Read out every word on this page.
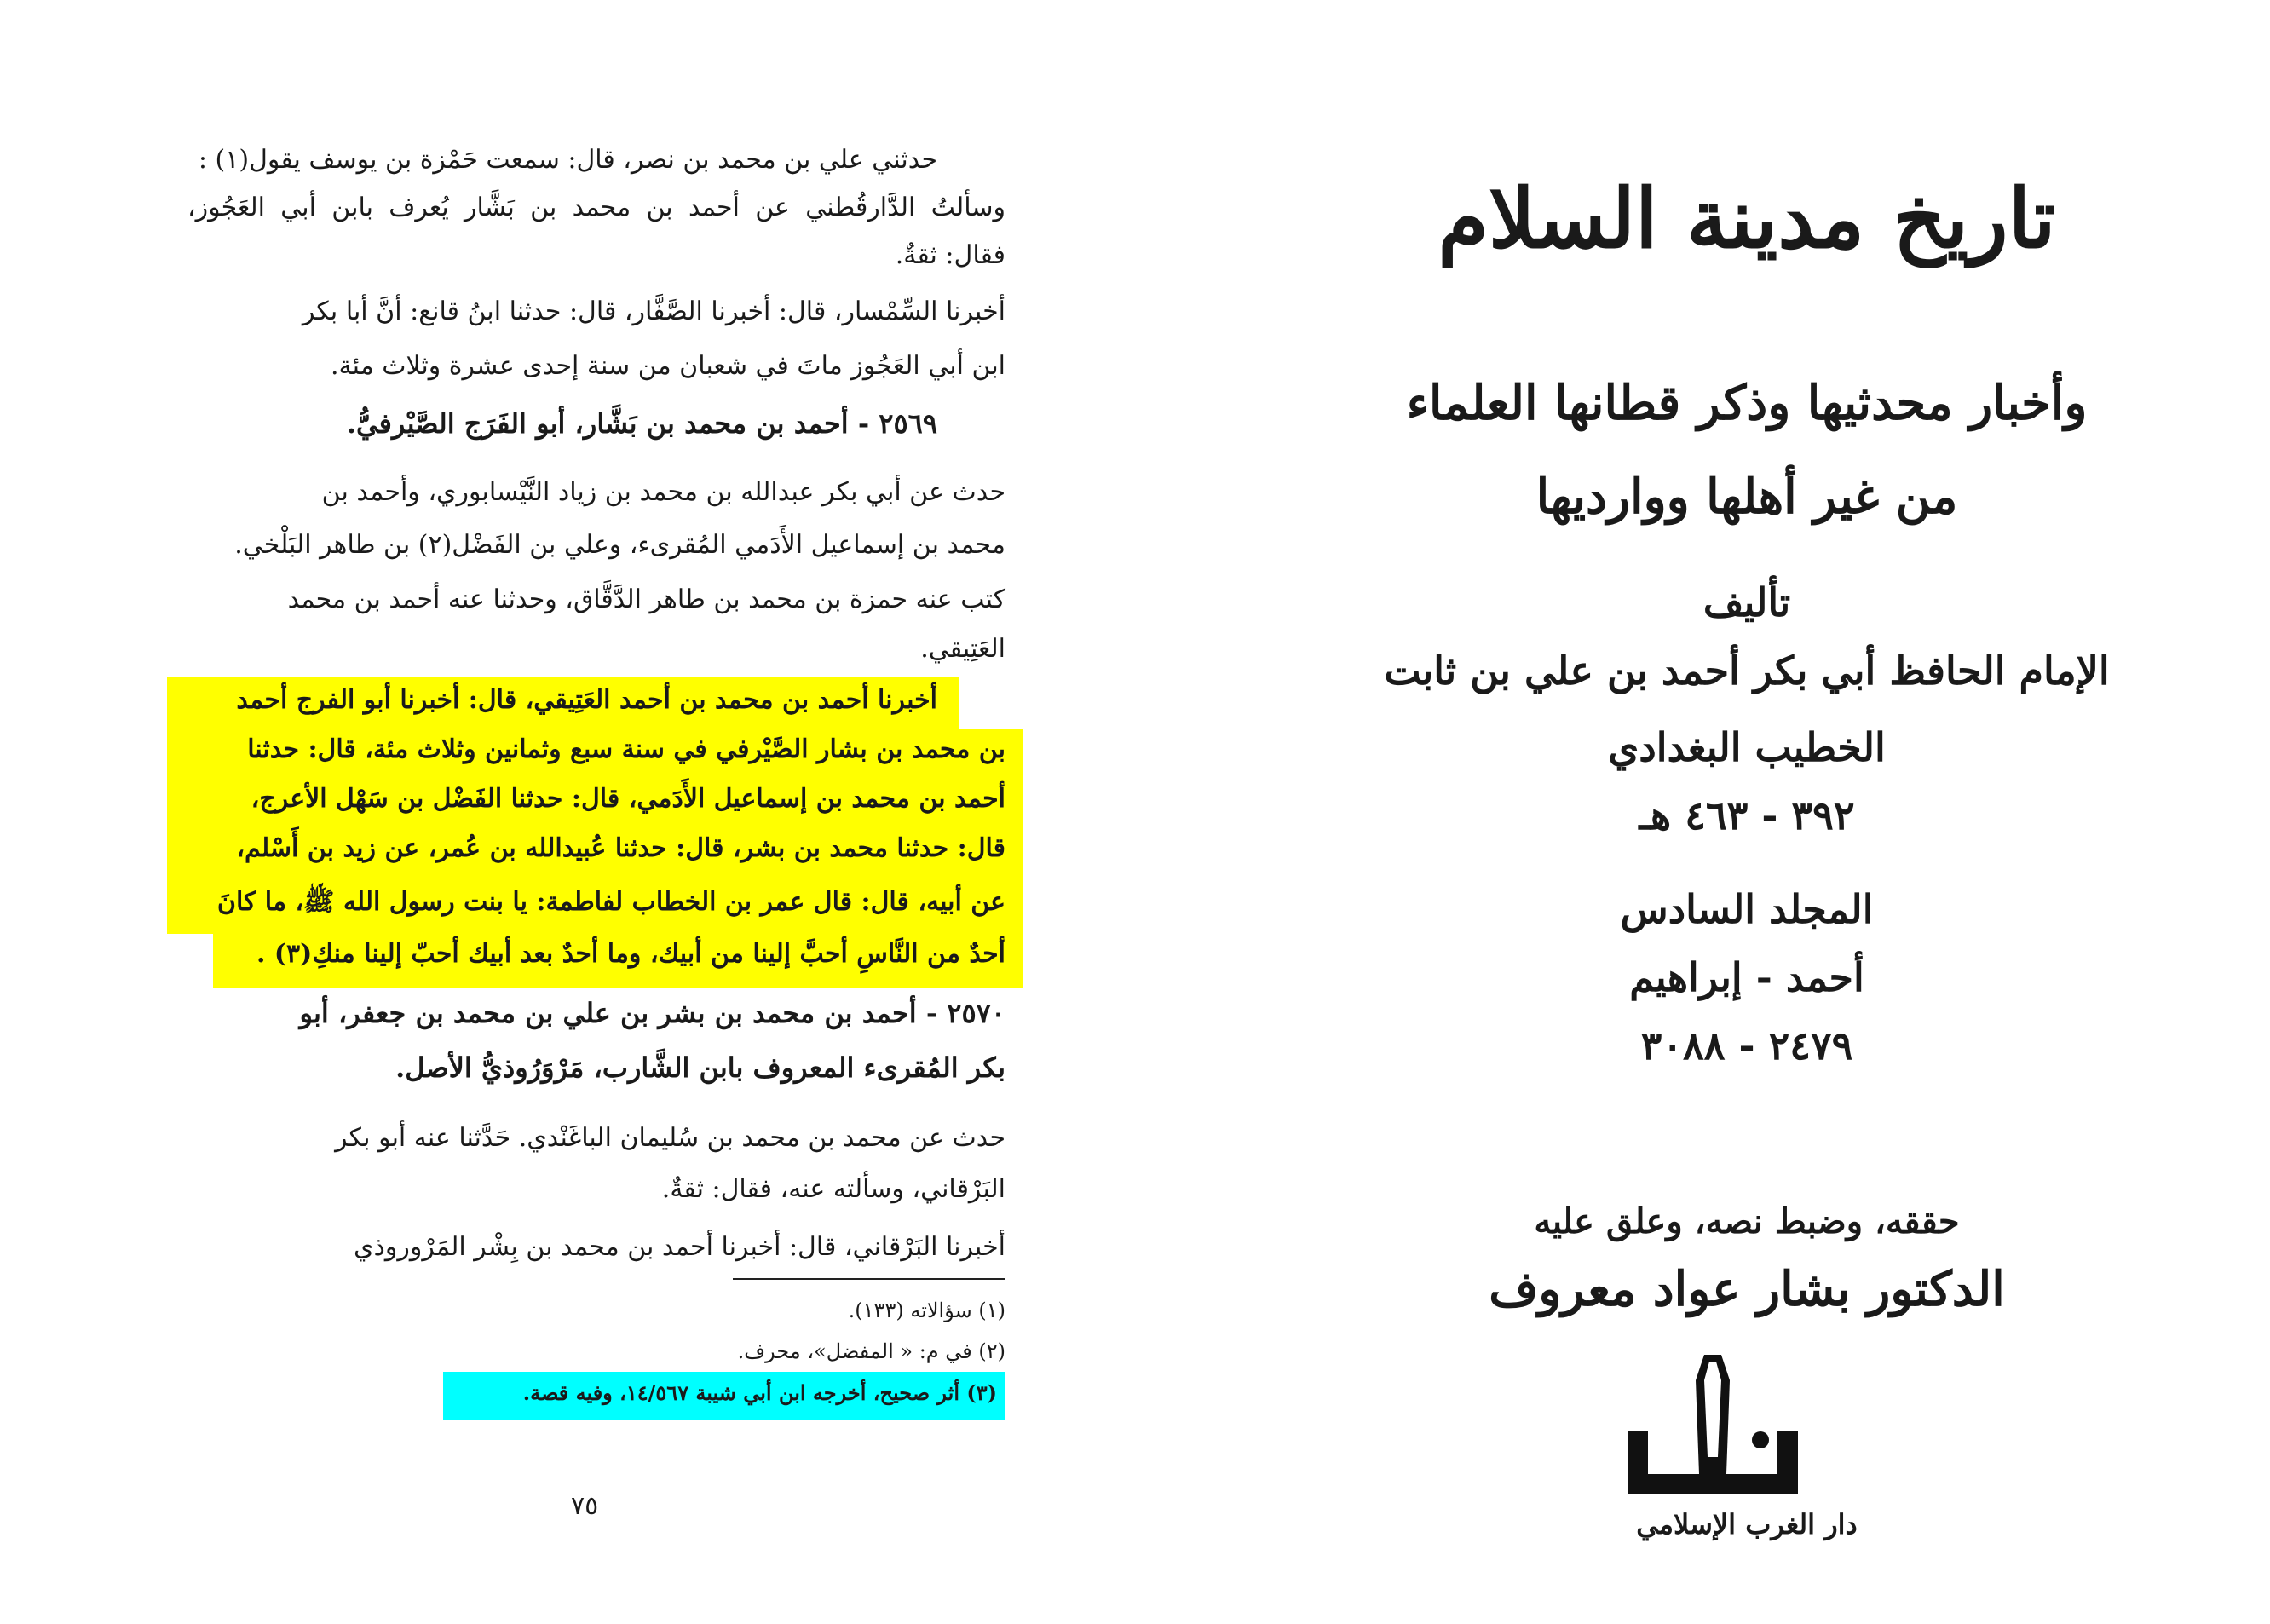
حدثني علي بن محمد بن نصر، قال: سمعت حَمْزة بن يوسف يقول(١) :
وسألتُ الدَّارقُطني عن أحمد بن محمد بن بَشَّار يُعرف بابن أبي العَجُوز،
فقال: ثقةٌ.
أخبرنا السِّمْسار، قال: أخبرنا الصَّفَّار، قال: حدثنا ابنُ قانع: أنَّ أبا بكر
ابن أبي العَجُوز ماتَ في شعبان من سنة إحدى عشرة وثلاث مئة.
٢٥٦٩ - أحمد بن محمد بن بَشَّار، أبو الفَرَج الصَّيْرفيُّ.
حدث عن أبي بكر عبدالله بن محمد بن زياد النَّيْسابوري، وأحمد بن
محمد بن إسماعيل الأَدَمي المُقرىء، وعلي بن الفَضْل(٢) بن طاهر البَلْخي.
كتب عنه حمزة بن محمد بن طاهر الدَّقَّاق، وحدثنا عنه أحمد بن محمد
العَتِيقي.
أخبرنا أحمد بن محمد بن أحمد العَتِيقي، قال: أخبرنا أبو الفرج أحمد
بن محمد بن بشار الصَّيْرفي في سنة سبع وثمانين وثلاث مئة، قال: حدثنا
أحمد بن محمد بن إسماعيل الأَدَمي، قال: حدثنا الفَضْل بن سَهْل الأعرج،
قال: حدثنا محمد بن بشر، قال: حدثنا عُبيدالله بن عُمر، عن زيد بن أَسْلم،
عن أبيه، قال: قال عمر بن الخطاب لفاطمة: يا بنت رسول الله ﷺ، ما كانَ
أحدٌ من النَّاسِ أحبَّ إلينا من أبيك، وما أحدٌ بعد أبيك أحبّ إلينا منكِ(٣) .
٢٥٧٠ - أحمد بن محمد بن بشر بن علي بن محمد بن جعفر، أبو
بكر المُقرىء المعروف بابن الشَّارب، مَرْوَرُوذيُّ الأصل.
حدث عن محمد بن محمد بن سُليمان الباغَنْدي. حَدَّثنا عنه أبو بكر
البَرْقاني، وسألته عنه، فقال: ثقةٌ.
أخبرنا البَرْقاني، قال: أخبرنا أحمد بن محمد بن بِشْر المَرْوروذي
(١) سؤالاته (١٣٣).
(٢) في م: « المفضل»، محرف.
(٣) أثر صحيح، أخرجه ابن أبي شيبة ١٤/٥٦٧، وفيه قصة.
٧٥
تاريخ مدينة السلام
وأخبار محدثيها وذكر قطانها العلماء
من غير أهلها ووارديها
تأليف
الإمام الحافظ أبي بكر أحمد بن علي بن ثابت
الخطيب البغدادي
٣٩٢ - ٤٦٣ هـ
المجلد السادس
أحمد - إبراهيم
٢٤٧٩ - ٣٠٨٨
حققه، وضبط نصه، وعلق عليه
الدكتور بشار عواد معروف
دار الغرب الإسلامي
